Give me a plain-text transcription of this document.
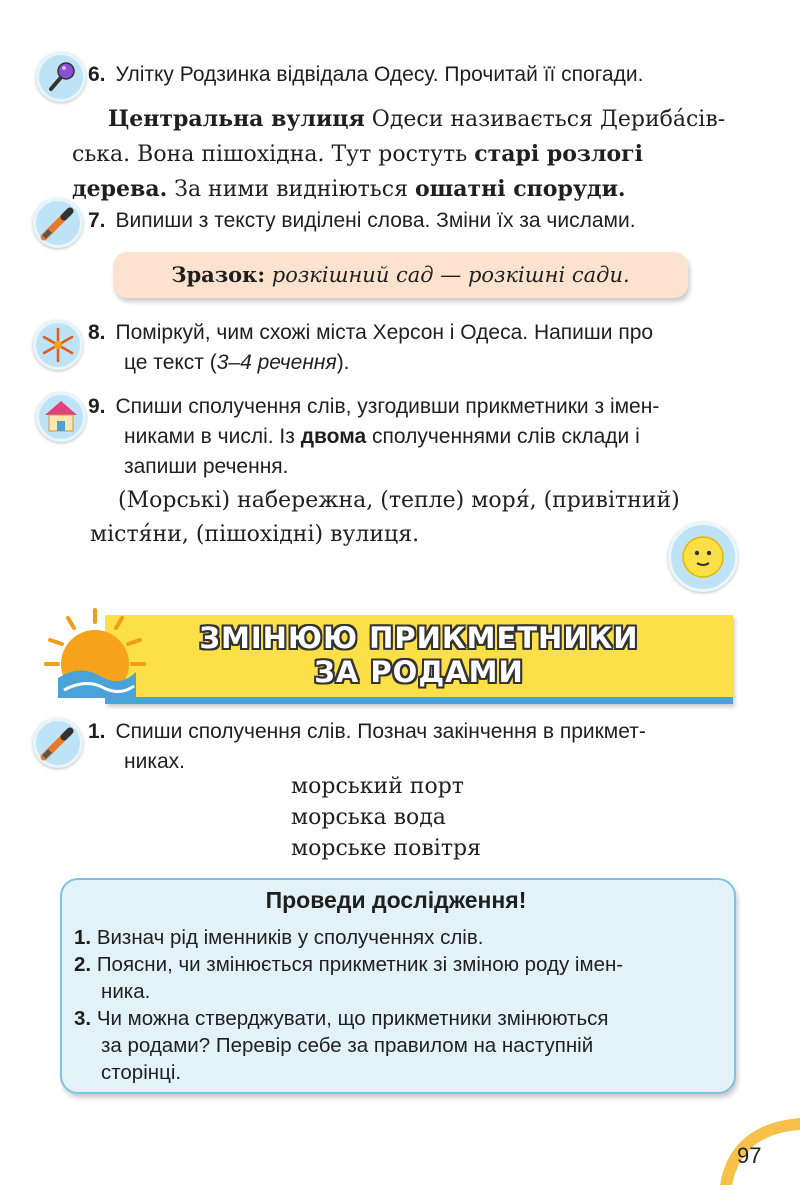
6. Улітку Родзинка відвідала Одесу. Прочитай її спогади.
Центральна вулиця Одеси називається Дериба́сів-
ська. Вона пішохідна. Тут ростуть старі розлогі
дерева. За ними видніються ошатні споруди.
7. Випиши з тексту виділені слова. Зміни їх за числами.
Зразок: розкішний сад — розкішні сади.
8. Поміркуй, чим схожі міста Херсон і Одеса. Напиши про
це текст (3–4 речення).
9. Спиши сполучення слів, узгодивши прикметники з імен-
никами в числі. Із двома сполученнями слів склади і
запиши речення.
(Морські) набережна, (тепле) моря́, (привітний)
містя́ни, (пішохідні) вулиця.
ЗМІНЮЮ ПРИКМЕТНИКИ
ЗА РОДАМИ
1. Спиши сполучення слів. Познач закінчення в прикмет-
никах.
морський порт
морська вода
морське повітря
Проведи дослідження!
1. Визнач рід іменників у сполученнях слів.
2. Поясни, чи змінюється прикметник зі зміною роду імен-
ника.
3. Чи можна стверджувати, що прикметники змінюються
за родами? Перевір себе за правилом на наступній
сторінці.
97
